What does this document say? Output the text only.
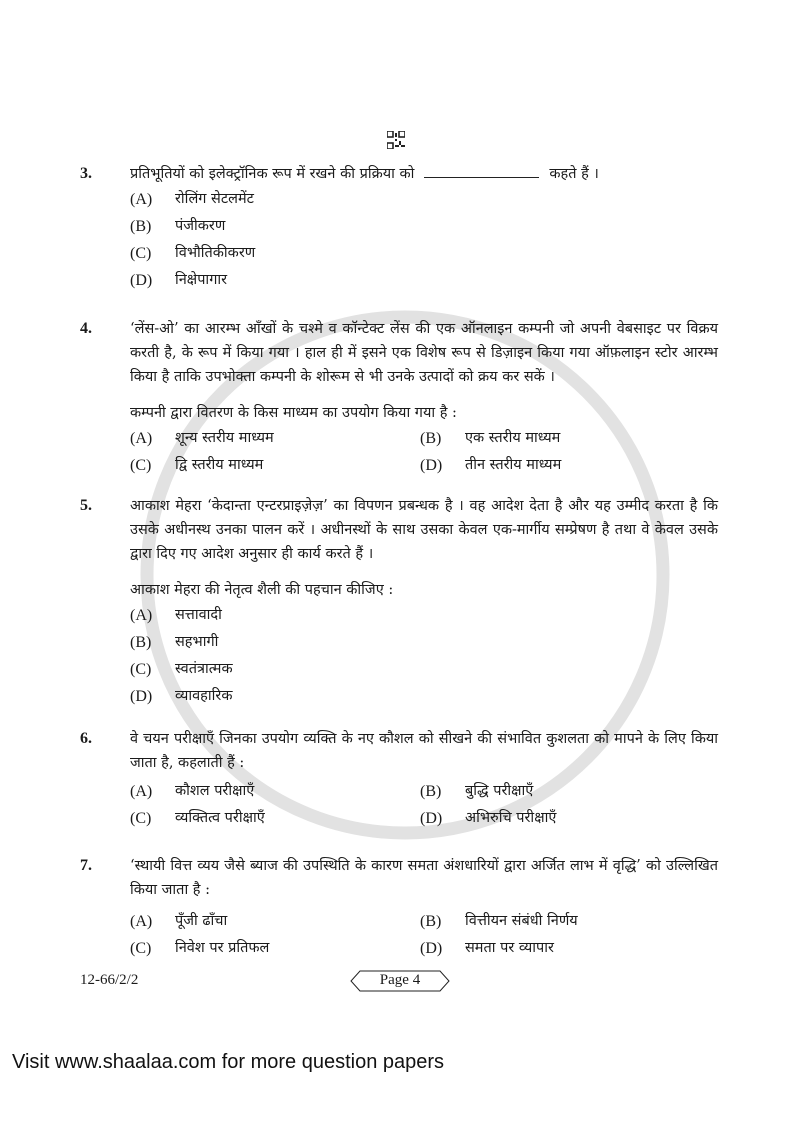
3.	प्रतिभूतियों को इलेक्ट्रॉनिक रूप में रखने की प्रक्रिया को	कहते हैं ।
(A)	रोलिंग सेटलमेंट
(B)	पंजीकरण
(C)	विभौतिकीकरण
(D)	निक्षेपागार
4.	‘लेंस-ओ’ का आरम्भ आँखों के चश्मे व कॉन्टेक्ट लेंस की एक ऑनलाइन कम्पनी जो अपनी वेबसाइट पर विक्रय करती है, के रूप में किया गया । हाल ही में इसने एक विशेष रूप से डिज़ाइन किया गया ऑफ़लाइन स्टोर आरम्भ किया है ताकि उपभोक्ता कम्पनी के शोरूम से भी उनके उत्पादों को क्रय कर सकें ।
कम्पनी द्वारा वितरण के किस माध्यम का उपयोग किया गया है :
(A)	शून्य स्तरीय माध्यम	(B)	एक स्तरीय माध्यम
(C)	द्वि स्तरीय माध्यम	(D)	तीन स्तरीय माध्यम
5.	आकाश मेहरा ‘केदान्ता एन्टरप्राइज़ेज़’ का विपणन प्रबन्धक है । वह आदेश देता है और यह उम्मीद करता है कि उसके अधीनस्थ उनका पालन करें । अधीनस्थों के साथ उसका केवल एक-मार्गीय सम्प्रेषण है तथा वे केवल उसके द्वारा दिए गए आदेश अनुसार ही कार्य करते हैं ।
आकाश मेहरा की नेतृत्व शैली की पहचान कीजिए :
(A)	सत्तावादी
(B)	सहभागी
(C)	स्वतंत्रात्मक
(D)	व्यावहारिक
6.	वे चयन परीक्षाएँ जिनका उपयोग व्यक्ति के नए कौशल को सीखने की संभावित कुशलता को मापने के लिए किया जाता है, कहलाती हैं :
(A)	कौशल परीक्षाएँ	(B)	बुद्धि परीक्षाएँ
(C)	व्यक्तित्व परीक्षाएँ	(D)	अभिरुचि परीक्षाएँ
7.	‘स्थायी वित्त व्यय जैसे ब्याज की उपस्थिति के कारण समता अंशधारियों द्वारा अर्जित लाभ में वृद्धि’ को उल्लिखित किया जाता है :
(A)	पूँजी ढाँचा	(B)	वित्तीयन संबंधी निर्णय
(C)	निवेश पर प्रतिफल	(D)	समता पर व्यापार
12-66/2/2	Page 4
Visit www.shaalaa.com for more question papers
